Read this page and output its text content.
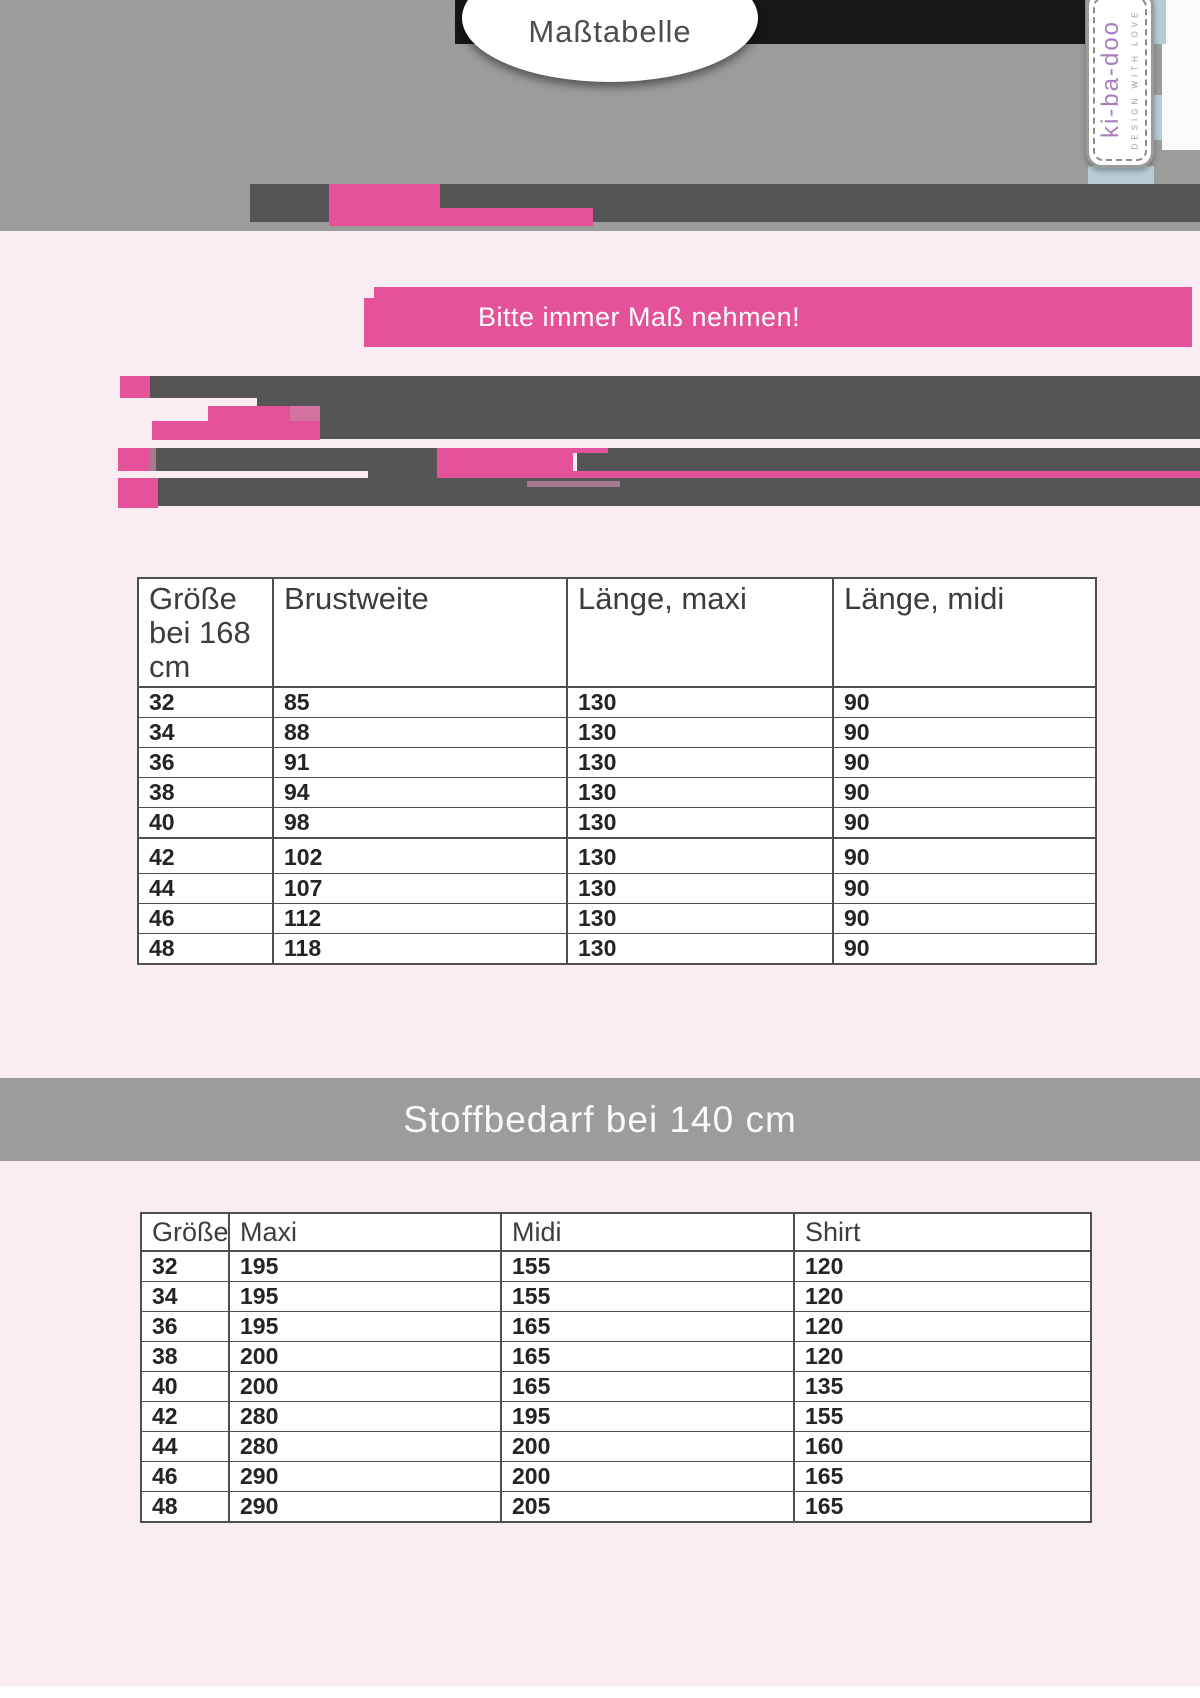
Maßtabelle	ki-ba-doo DESIGN WITH LOVE
Bitte immer Maß nehmen!
Größe
bei 168 cm	Brustweite	Länge, maxi	Länge, midi
32	85	130	90
34	88	130	90
36	91	130	90
38	94	130	90
40	98	130	90
42	102	130	90
44	107	130	90
46	112	130	90
48	118	130	90
Stoffbedarf bei 140 cm
Größe	Maxi	Midi	Shirt
32	195	155	120
34	195	155	120
36	195	165	120
38	200	165	120
40	200	165	135
42	280	195	155
44	280	200	160
46	290	200	165
48	290	205	165
